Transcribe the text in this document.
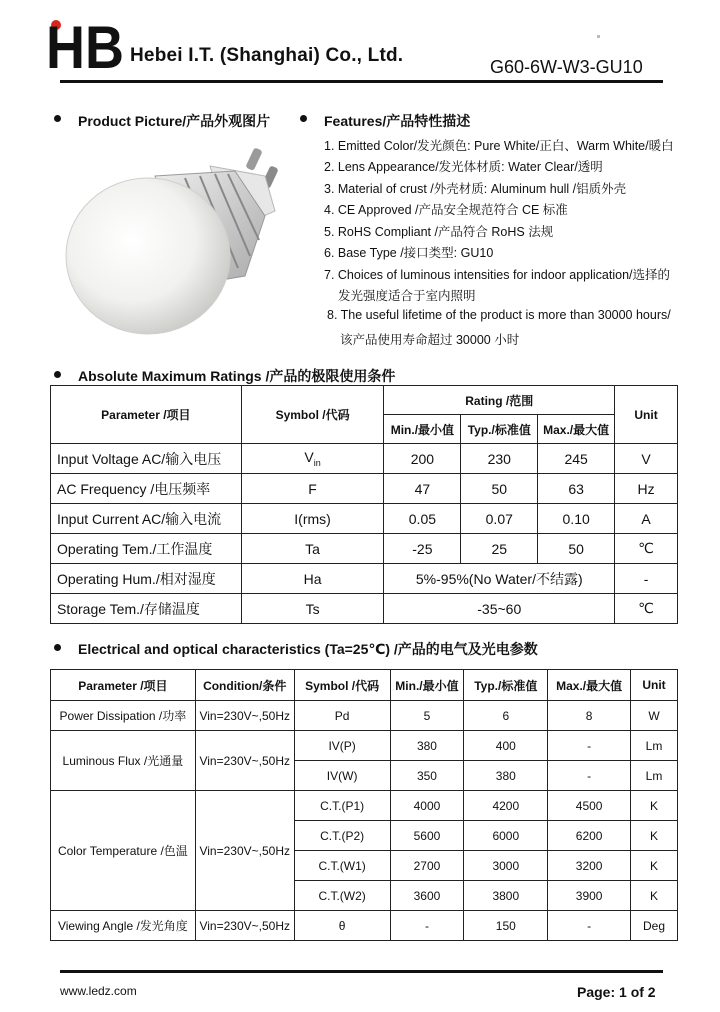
HB Hebei I.T. (Shanghai) Co., Ltd.
G60-6W-W3-GU10
Product Picture/产品外观图片	Features/产品特性描述
1. Emitted Color/发光颜色: Pure White/正白、Warm White/暖白
2. Lens Appearance/发光体材质: Water Clear/透明
3. Material of crust /外壳材质: Aluminum hull /铝质外壳
4. CE Approved /产品安全规范符合 CE 标准
5. RoHS Compliant /产品符合 RoHS 法规
6. Base Type /接口类型: GU10
7. Choices of luminous intensities for indoor application/选择的
发光强度适合于室内照明
8. The useful lifetime of the product is more than 30000 hours/
该产品使用寿命超过 30000 小时
Absolute Maximum Ratings /产品的极限使用条件
Parameter /项目	Symbol /代码	Rating /范围			Unit
		Min./最小值	Typ./标准值	Max./最大值	
Input Voltage AC/输入电压	$V_{in}$	200	230	245	V
AC Frequency /电压频率	F	47	50	63	Hz
Input Current AC/输入电流	I(rms)	0.05	0.07	0.10	A
Operating Tem./工作温度	Ta	-25	25	50	℃
Operating Hum./相对湿度	Ha	5%-95%(No Water/不结露)			-
Storage Tem./存储温度	Ts	-35~60			℃
Electrical and optical characteristics (Ta=25℃) /产品的电气及光电参数
Parameter /项目	Condition/条件	Symbol /代码	Min./最小值	Typ./标准值	Max./最大值	Unit
Power Dissipation /功率	Vin=230V~,50Hz	Pd	5	6	8	W
Luminous Flux /光通量	Vin=230V~,50Hz	IV(P)	380	400	-	Lm
		IV(W)	350	380	-	Lm
Color Temperature /色温	Vin=230V~,50Hz	C.T.(P1)	4000	4200	4500	K
		C.T.(P2)	5600	6000	6200	K
		C.T.(W1)	2700	3000	3200	K
		C.T.(W2)	3600	3800	3900	K
Viewing Angle /发光角度	Vin=230V~,50Hz	θ	-	150	-	Deg
www.ledz.com	Page: 1 of 2
